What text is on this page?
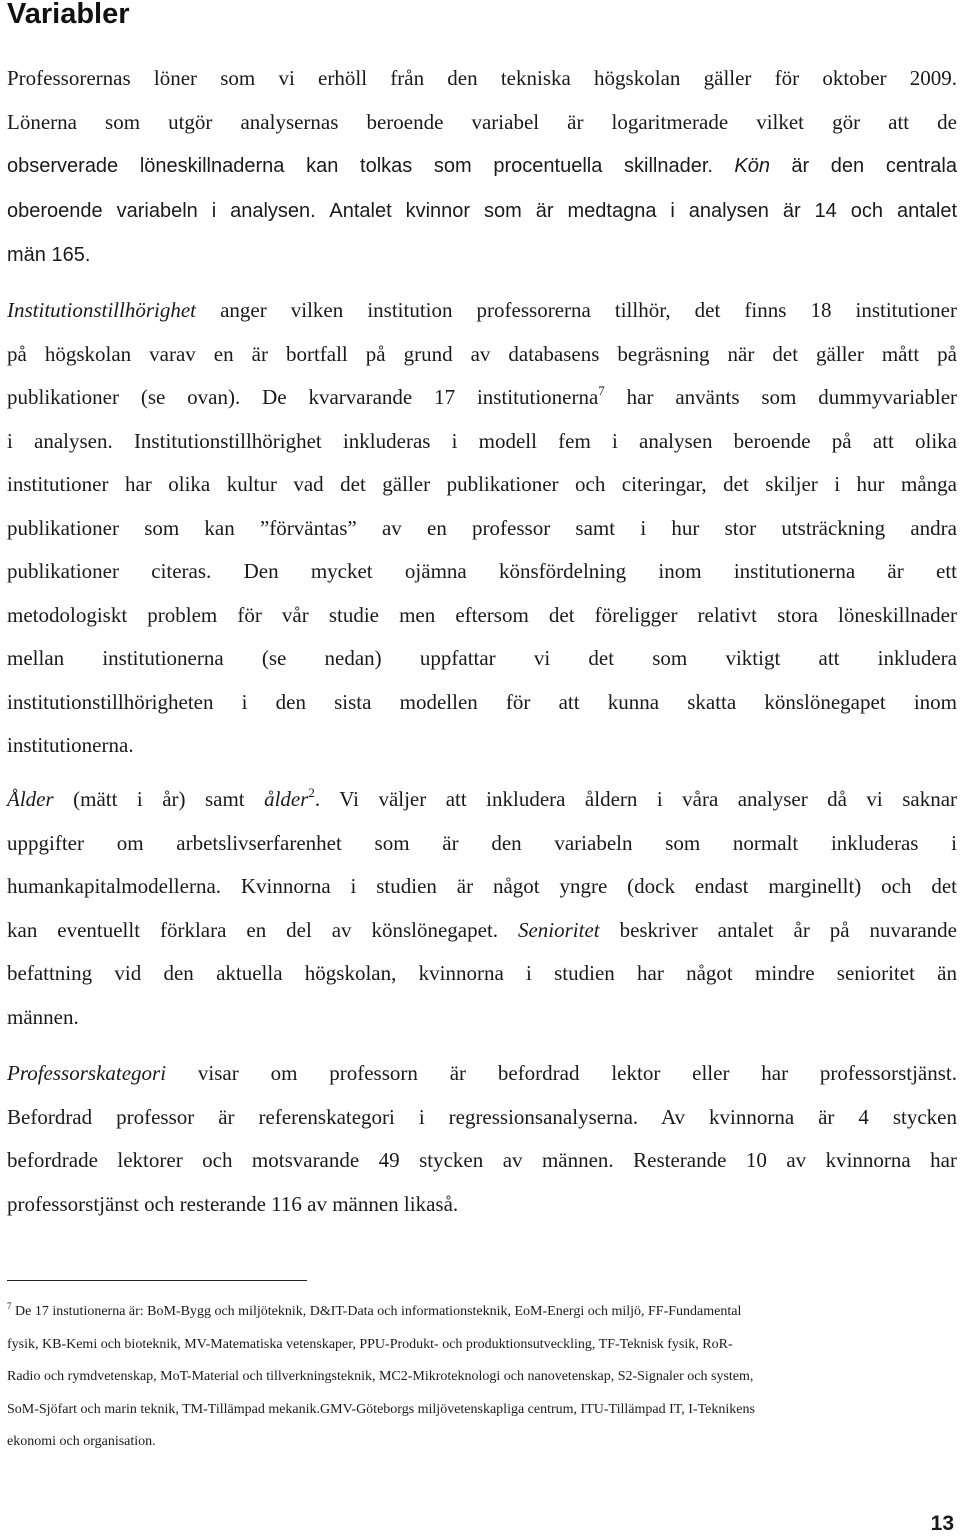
Variabler
Professorernas löner som vi erhöll från den tekniska högskolan gäller för oktober 2009.
Lönerna som utgör analysernas beroende variabel är logaritmerade vilket gör att de
observerade löneskillnaderna kan tolkas som procentuella skillnader. Kön är den centrala
oberoende variabeln i analysen. Antalet kvinnor som är medtagna i analysen är 14 och antalet
män 165.
Institutionstillhörighet anger vilken institution professorerna tillhör, det finns 18 institutioner
på högskolan varav en är bortfall på grund av databasens begräsning när det gäller mått på
publikationer (se ovan). De kvarvarande 17 institutionerna$^7$ har använts som dummyvariabler
i analysen. Institutionstillhörighet inkluderas i modell fem i analysen beroende på att olika
institutioner har olika kultur vad det gäller publikationer och citeringar, det skiljer i hur många
publikationer som kan ”förväntas” av en professor samt i hur stor utsträckning andra
publikationer citeras. Den mycket ojämna könsfördelning inom institutionerna är ett
metodologiskt problem för vår studie men eftersom det föreligger relativt stora löneskillnader
mellan institutionerna (se nedan) uppfattar vi det som viktigt att inkludera
institutionstillhörigheten i den sista modellen för att kunna skatta könslönegapet inom
institutionerna.
Ålder (mätt i år) samt ålder$^2$. Vi väljer att inkludera åldern i våra analyser då vi saknar
uppgifter om arbetslivserfarenhet som är den variabeln som normalt inkluderas i
humankapitalmodellerna. Kvinnorna i studien är något yngre (dock endast marginellt) och det
kan eventuellt förklara en del av könslönegapet. Senioritet beskriver antalet år på nuvarande
befattning vid den aktuella högskolan, kvinnorna i studien har något mindre senioritet än
männen.
Professorskategori visar om professorn är befordrad lektor eller har professorstjänst.
Befordrad professor är referenskategori i regressionsanalyserna. Av kvinnorna är 4 stycken
befordrade lektorer och motsvarande 49 stycken av männen. Resterande 10 av kvinnorna har
professorstjänst och resterande 116 av männen likaså.
$^7$ De 17 instutionerna är: BoM-Bygg och miljöteknik, D&IT-Data och informationsteknik, EoM-Energi och miljö, FF-Fundamental
fysik, KB-Kemi och bioteknik, MV-Matematiska vetenskaper, PPU-Produkt- och produktionsutveckling, TF-Teknisk fysik, RoR-
Radio och rymdvetenskap, MoT-Material och tillverkningsteknik, MC2-Mikroteknologi och nanovetenskap, S2-Signaler och system,
SoM-Sjöfart och marin teknik, TM-Tillämpad mekanik.GMV-Göteborgs miljövetenskapliga centrum, ITU-Tillämpad IT, I-Teknikens
ekonomi och organisation.
13
